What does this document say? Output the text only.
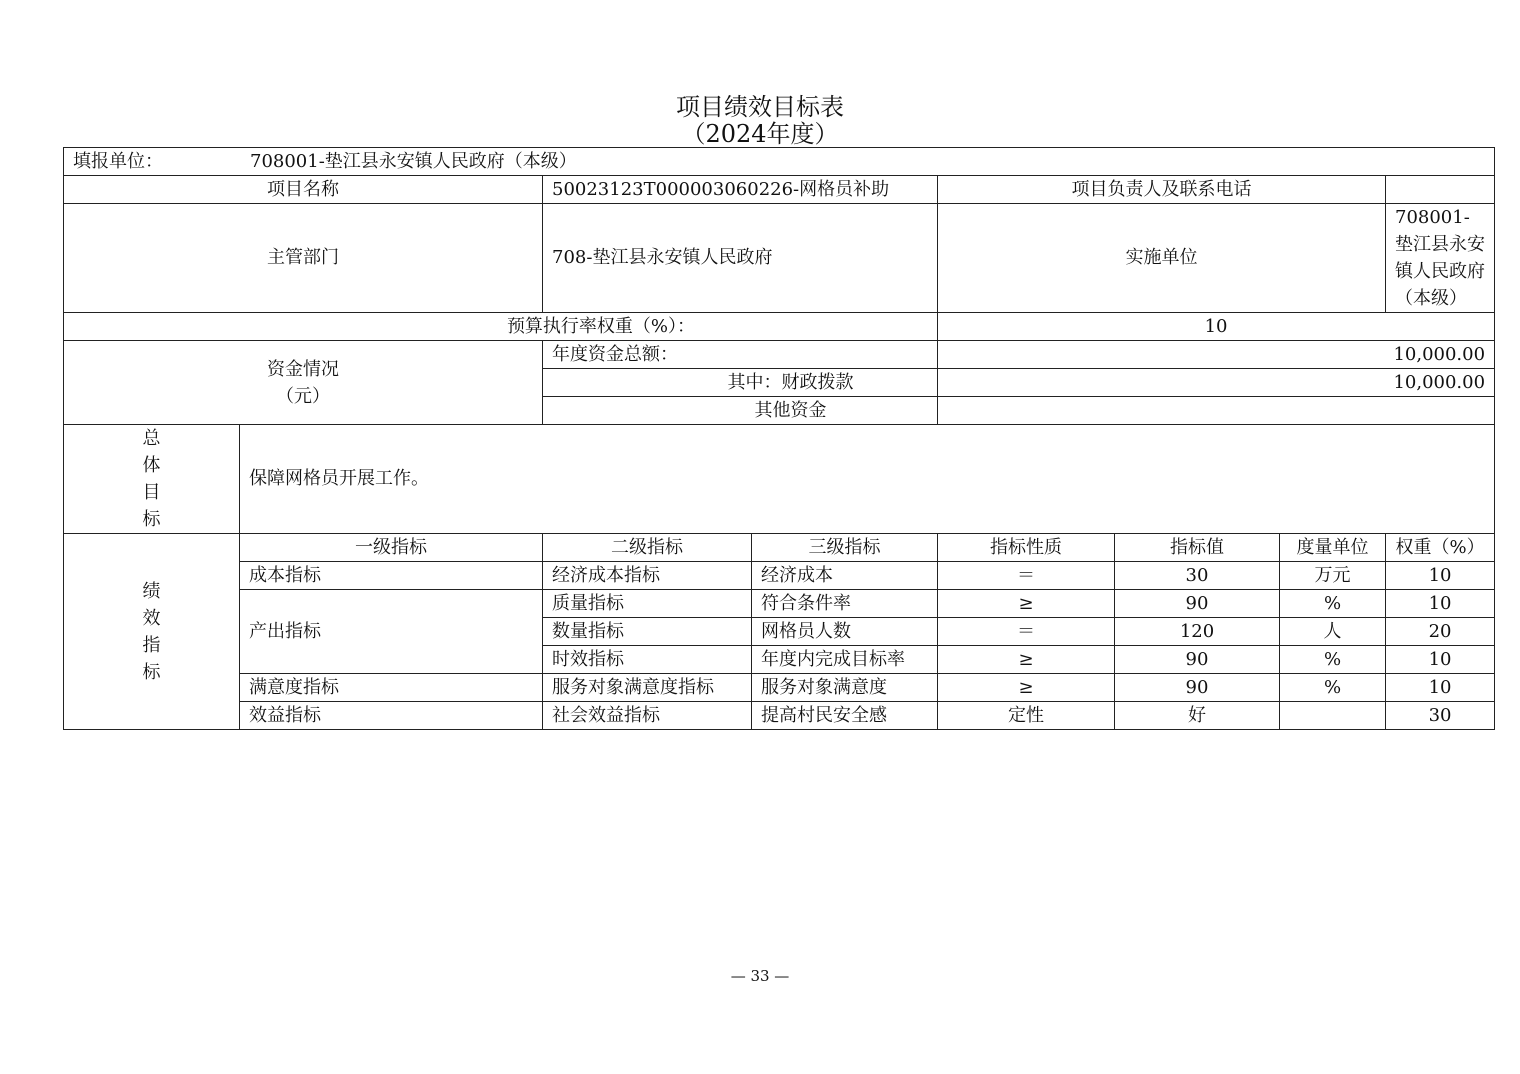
项目绩效目标表
（2024年度）
填报单位： 708001-垫江县永安镇人民政府（本级）							
项目名称		50023123T000003060226-网格员补助		项目负责人及联系电话			
主管部门		708-垫江县永安镇人民政府		实施单位			708001-垫江县永安镇人民政府（本级）
预算执行率权重（%）：				10			

资金情况
（元）		年度资金总额：		10,000.00			
		其中：财政拨款		10,000.00			
		其他资金					

总
体
目
标	保障网格员开展工作。						

绩
效
指
标	一级指标	二级指标	三级指标	指标性质	指标值	度量单位	权重（%）
	成本指标	经济成本指标	经济成本	＝	30	万元	10
	产出指标	质量指标	符合条件率	≥	90	%	10
		数量指标	网格员人数	＝	120	人	20
		时效指标	年度内完成目标率	≥	90	%	10
	满意度指标	服务对象满意度指标	服务对象满意度	≥	90	%	10
	效益指标	社会效益指标	提高村民安全感	定性	好		30
— 33 —
